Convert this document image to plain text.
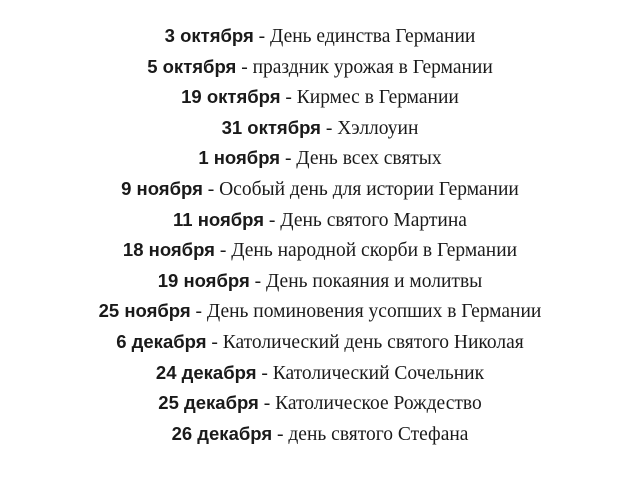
3 октября - День единства Германии
5 октября - праздник урожая в Германии
19 октября - Кирмес в Германии
31 октября - Хэллоуин
1 ноября - День всех святых
9 ноября - Особый день для истории Германии
11 ноября - День святого Мартина
18 ноября - День народной скорби в Германии
19 ноября - День покаяния и молитвы
25 ноября - День поминовения усопших в Германии
6 декабря - Католический день святого Николая
24 декабря - Католический Сочельник
25 декабря - Католическое Рождество
26 декабря - день святого Стефана
